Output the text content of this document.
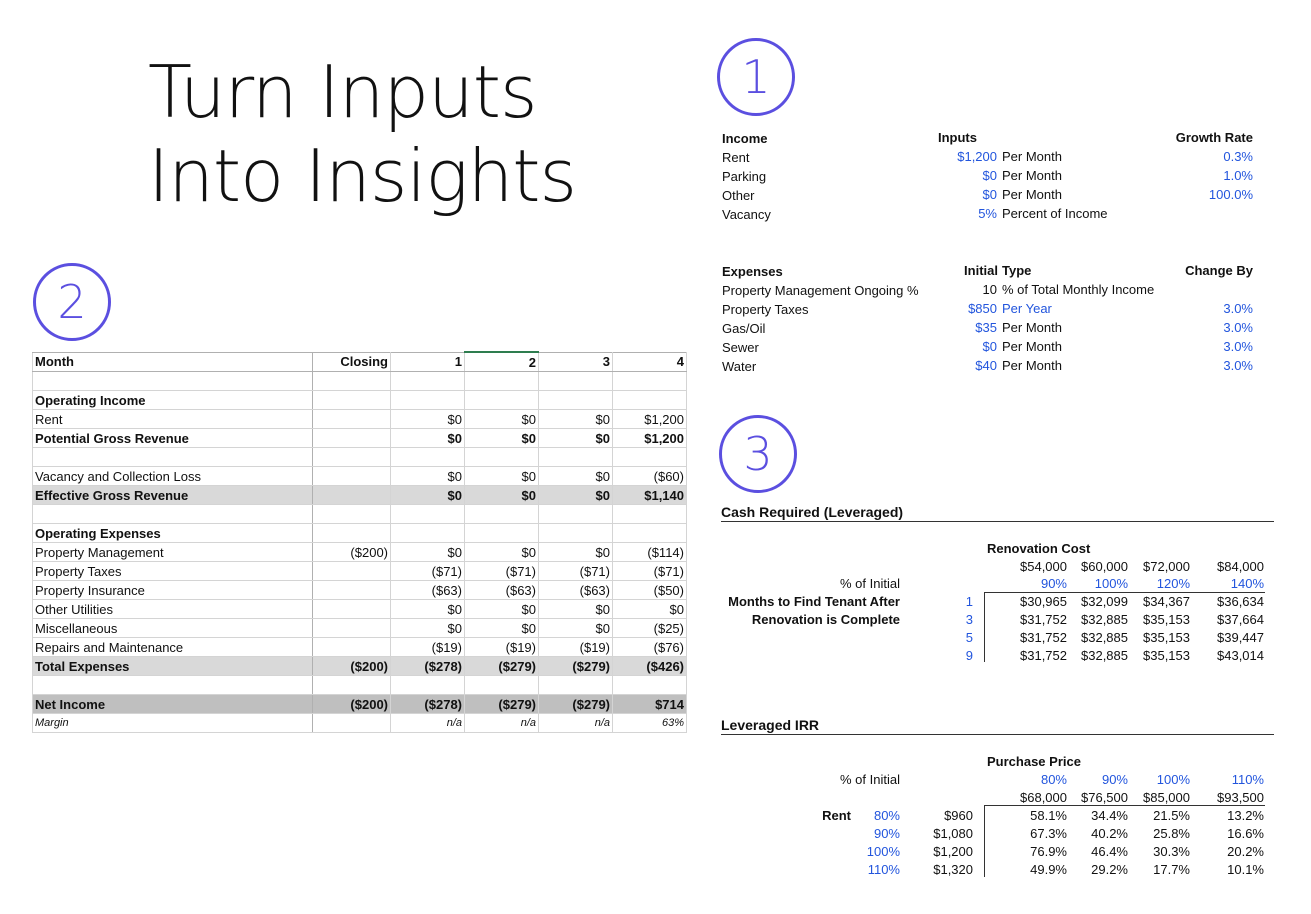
Turn Inputs
Into Insights
1
2
3
Income	Inputs	Growth Rate
Rent	$1,200 Per Month	0.3%
Parking	$0 Per Month	1.0%
Other	$0 Per Month	100.0%
Vacancy	5% Percent of Income
Expenses	Initial Type	Change By
Property Management Ongoing %	10 % of Total Monthly Income
Property Taxes	$850 Per Year	3.0%
Gas/Oil	$35 Per Month	3.0%
Sewer	$0 Per Month	3.0%
Water	$40 Per Month	3.0%
Month	Closing	1	2	3	4

Operating Income					
Rent		$0	$0	$0	$1,200
Potential Gross Revenue		$0	$0	$0	$1,200

Vacancy and Collection Loss		$0	$0	$0	($60)
Effective Gross Revenue		$0	$0	$0	$1,140

Operating Expenses					
Property Management	($200)	$0	$0	$0	($114)
Property Taxes		($71)	($71)	($71)	($71)
Property Insurance		($63)	($63)	($63)	($50)
Other Utilities		$0	$0	$0	$0
Miscellaneous		$0	$0	$0	($25)
Repairs and Maintenance		($19)	($19)	($19)	($76)
Total Expenses	($200)	($278)	($279)	($279)	($426)

Net Income	($200)	($278)	($279)	($279)	$714
Margin		n/a	n/a	n/a	63%
Cash Required (Leveraged)
Renovation Cost
$54,000	$60,000	$72,000	$84,000
% of Initial	90%	100%	120%	140%
Months to Find Tenant After
Renovation is Complete
1	$30,965	$32,099	$34,367	$36,634
3	$31,752	$32,885	$35,153	$37,664
5	$31,752	$32,885	$35,153	$39,447
9	$31,752	$32,885	$35,153	$43,014
Leveraged IRR
Purchase Price
% of Initial	80%	90%	100%	110%
$68,000	$76,500	$85,000	$93,500
Rent	80%	$960	58.1%	34.4%	21.5%	13.2%
90%	$1,080	67.3%	40.2%	25.8%	16.6%
100%	$1,200	76.9%	46.4%	30.3%	20.2%
110%	$1,320	49.9%	29.2%	17.7%	10.1%
